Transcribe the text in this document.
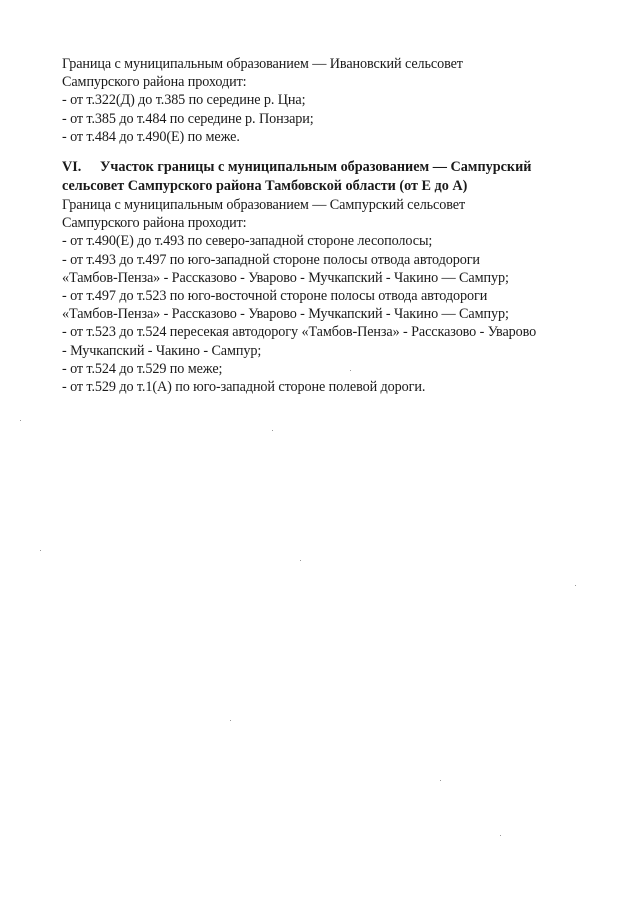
Граница с муниципальным образованием — Ивановский сельсовет
Сампурского района проходит:
- от т.322(Д) до т.385 по середине р. Цна;
- от т.385 до т.484 по середине р. Понзари;
- от т.484 до т.490(Е) по меже.
VI. Участок границы с муниципальным образованием — Сампурский
сельсовет Сампурского района Тамбовской области (от Е до А)
Граница с муниципальным образованием — Сампурский сельсовет
Сампурского района проходит:
- от т.490(Е) до т.493 по северо-западной стороне лесополосы;
- от т.493 до т.497 по юго-западной стороне полосы отвода автодороги
«Тамбов-Пенза» - Рассказово - Уварово - Мучкапский - Чакино — Сампур;
- от т.497 до т.523 по юго-восточной стороне полосы отвода автодороги
«Тамбов-Пенза» - Рассказово - Уварово - Мучкапский - Чакино — Сампур;
- от т.523 до т.524 пересекая автодорогу «Тамбов-Пенза» - Рассказово - Уварово
- Мучкапский - Чакино - Сампур;
- от т.524 до т.529 по меже;
- от т.529 до т.1(А) по юго-западной стороне полевой дороги.
